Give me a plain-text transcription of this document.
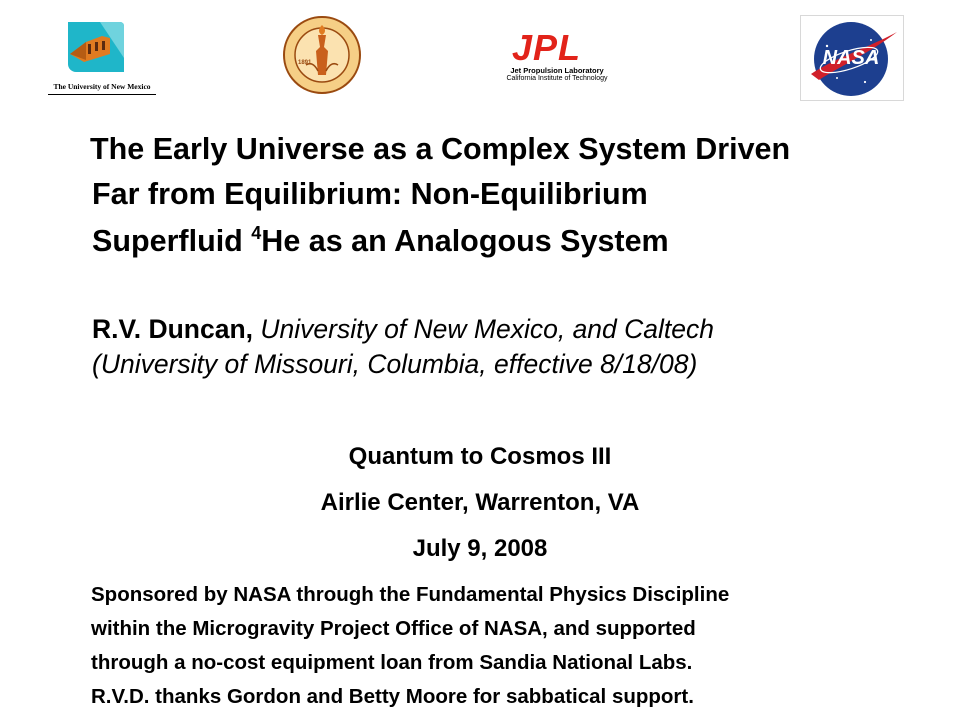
The University of New Mexico
1891	JPL
Jet Propulsion Laboratory
California Institute of Technology
NASA
The Early Universe as a Complex System Driven
Far from Equilibrium: Non-Equilibrium
Superfluid $^4$He as an Analogous System
R.V. Duncan, University of New Mexico, and Caltech
(University of Missouri, Columbia, effective 8/18/08)
Quantum to Cosmos III
Airlie Center, Warrenton, VA
July 9, 2008
Sponsored by NASA through the Fundamental Physics Discipline
within the Microgravity Project Office of NASA, and supported
through a no-cost equipment loan from Sandia National Labs.
R.V.D. thanks Gordon and Betty Moore for sabbatical support.
